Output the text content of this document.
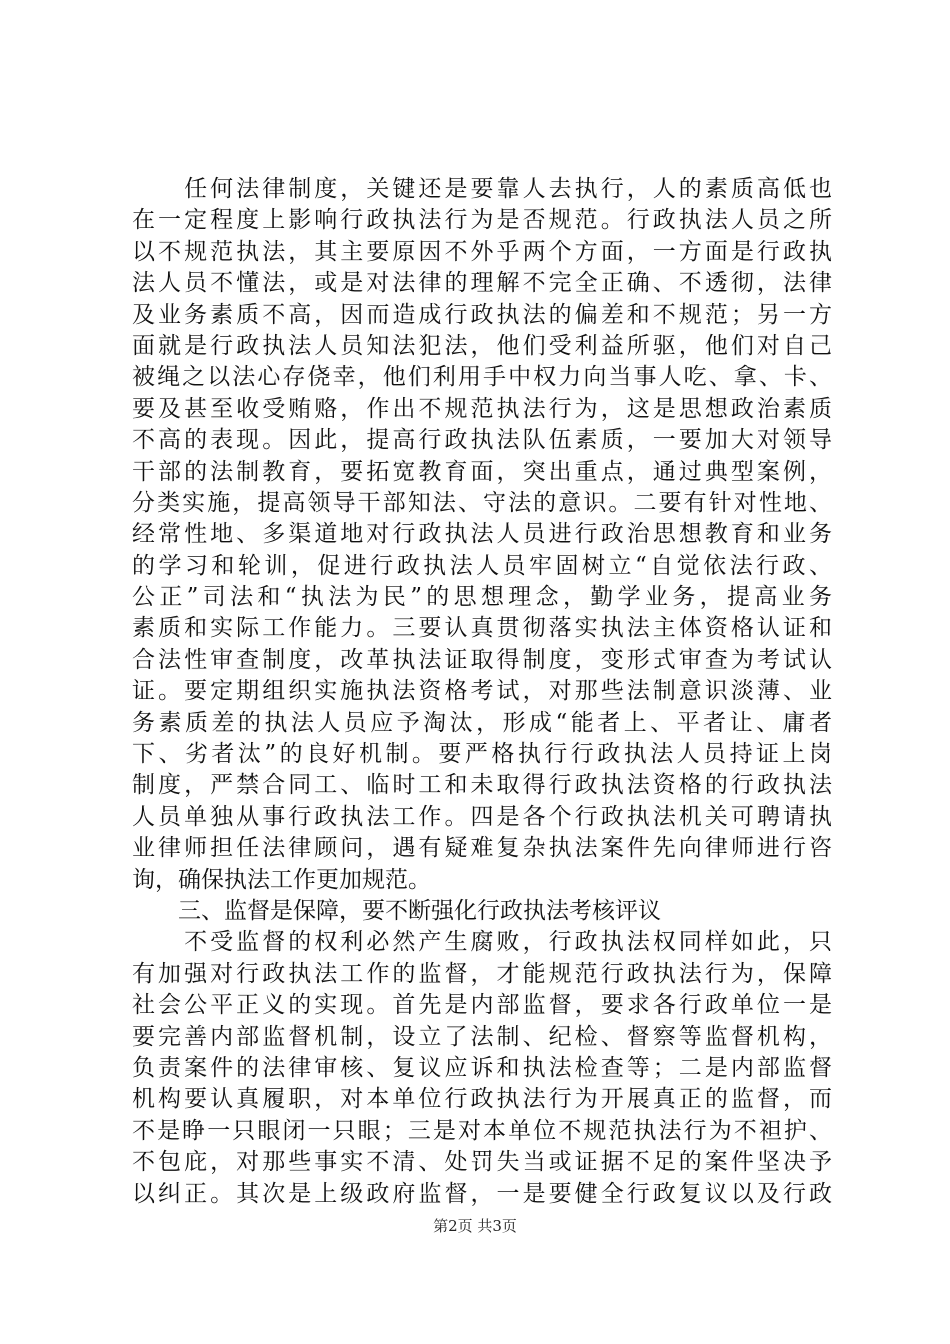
　　任何法律制度，关键还是要靠人去执行，人的素质高低也
在一定程度上影响行政执法行为是否规范。行政执法人员之所
以不规范执法，其主要原因不外乎两个方面，一方面是行政执
法人员不懂法，或是对法律的理解不完全正确、不透彻，法律
及业务素质不高，因而造成行政执法的偏差和不规范；另一方
面就是行政执法人员知法犯法，他们受利益所驱，他们对自己
被绳之以法心存侥幸，他们利用手中权力向当事人吃、拿、卡、
要及甚至收受贿赂，作出不规范执法行为，这是思想政治素质
不高的表现。因此，提高行政执法队伍素质，一要加大对领导
干部的法制教育，要拓宽教育面，突出重点，通过典型案例，
分类实施，提高领导干部知法、守法的意识。二要有针对性地、
经常性地、多渠道地对行政执法人员进行政治思想教育和业务
的学习和轮训，促进行政执法人员牢固树立“自觉依法行政、
公正”司法和“执法为民”的思想理念，勤学业务，提高业务
素质和实际工作能力。三要认真贯彻落实执法主体资格认证和
合法性审查制度，改革执法证取得制度，变形式审查为考试认
证。要定期组织实施执法资格考试，对那些法制意识淡薄、业
务素质差的执法人员应予淘汰，形成“能者上、平者让、庸者
下、劣者汰”的良好机制。要严格执行行政执法人员持证上岗
制度，严禁合同工、临时工和未取得行政执法资格的行政执法
人员单独从事行政执法工作。四是各个行政执法机关可聘请执
业律师担任法律顾问，遇有疑难复杂执法案件先向律师进行咨
询，确保执法工作更加规范。
　　三、监督是保障，要不断强化行政执法考核评议
　　不受监督的权利必然产生腐败，行政执法权同样如此，只
有加强对行政执法工作的监督，才能规范行政执法行为，保障
社会公平正义的实现。首先是内部监督，要求各行政单位一是
要完善内部监督机制，设立了法制、纪检、督察等监督机构，
负责案件的法律审核、复议应诉和执法检查等；二是内部监督
机构要认真履职，对本单位行政执法行为开展真正的监督，而
不是睁一只眼闭一只眼；三是对本单位不规范执法行为不袒护、
不包庇，对那些事实不清、处罚失当或证据不足的案件坚决予
以纠正。其次是上级政府监督，一是要健全行政复议以及行政
第2页 共3页
